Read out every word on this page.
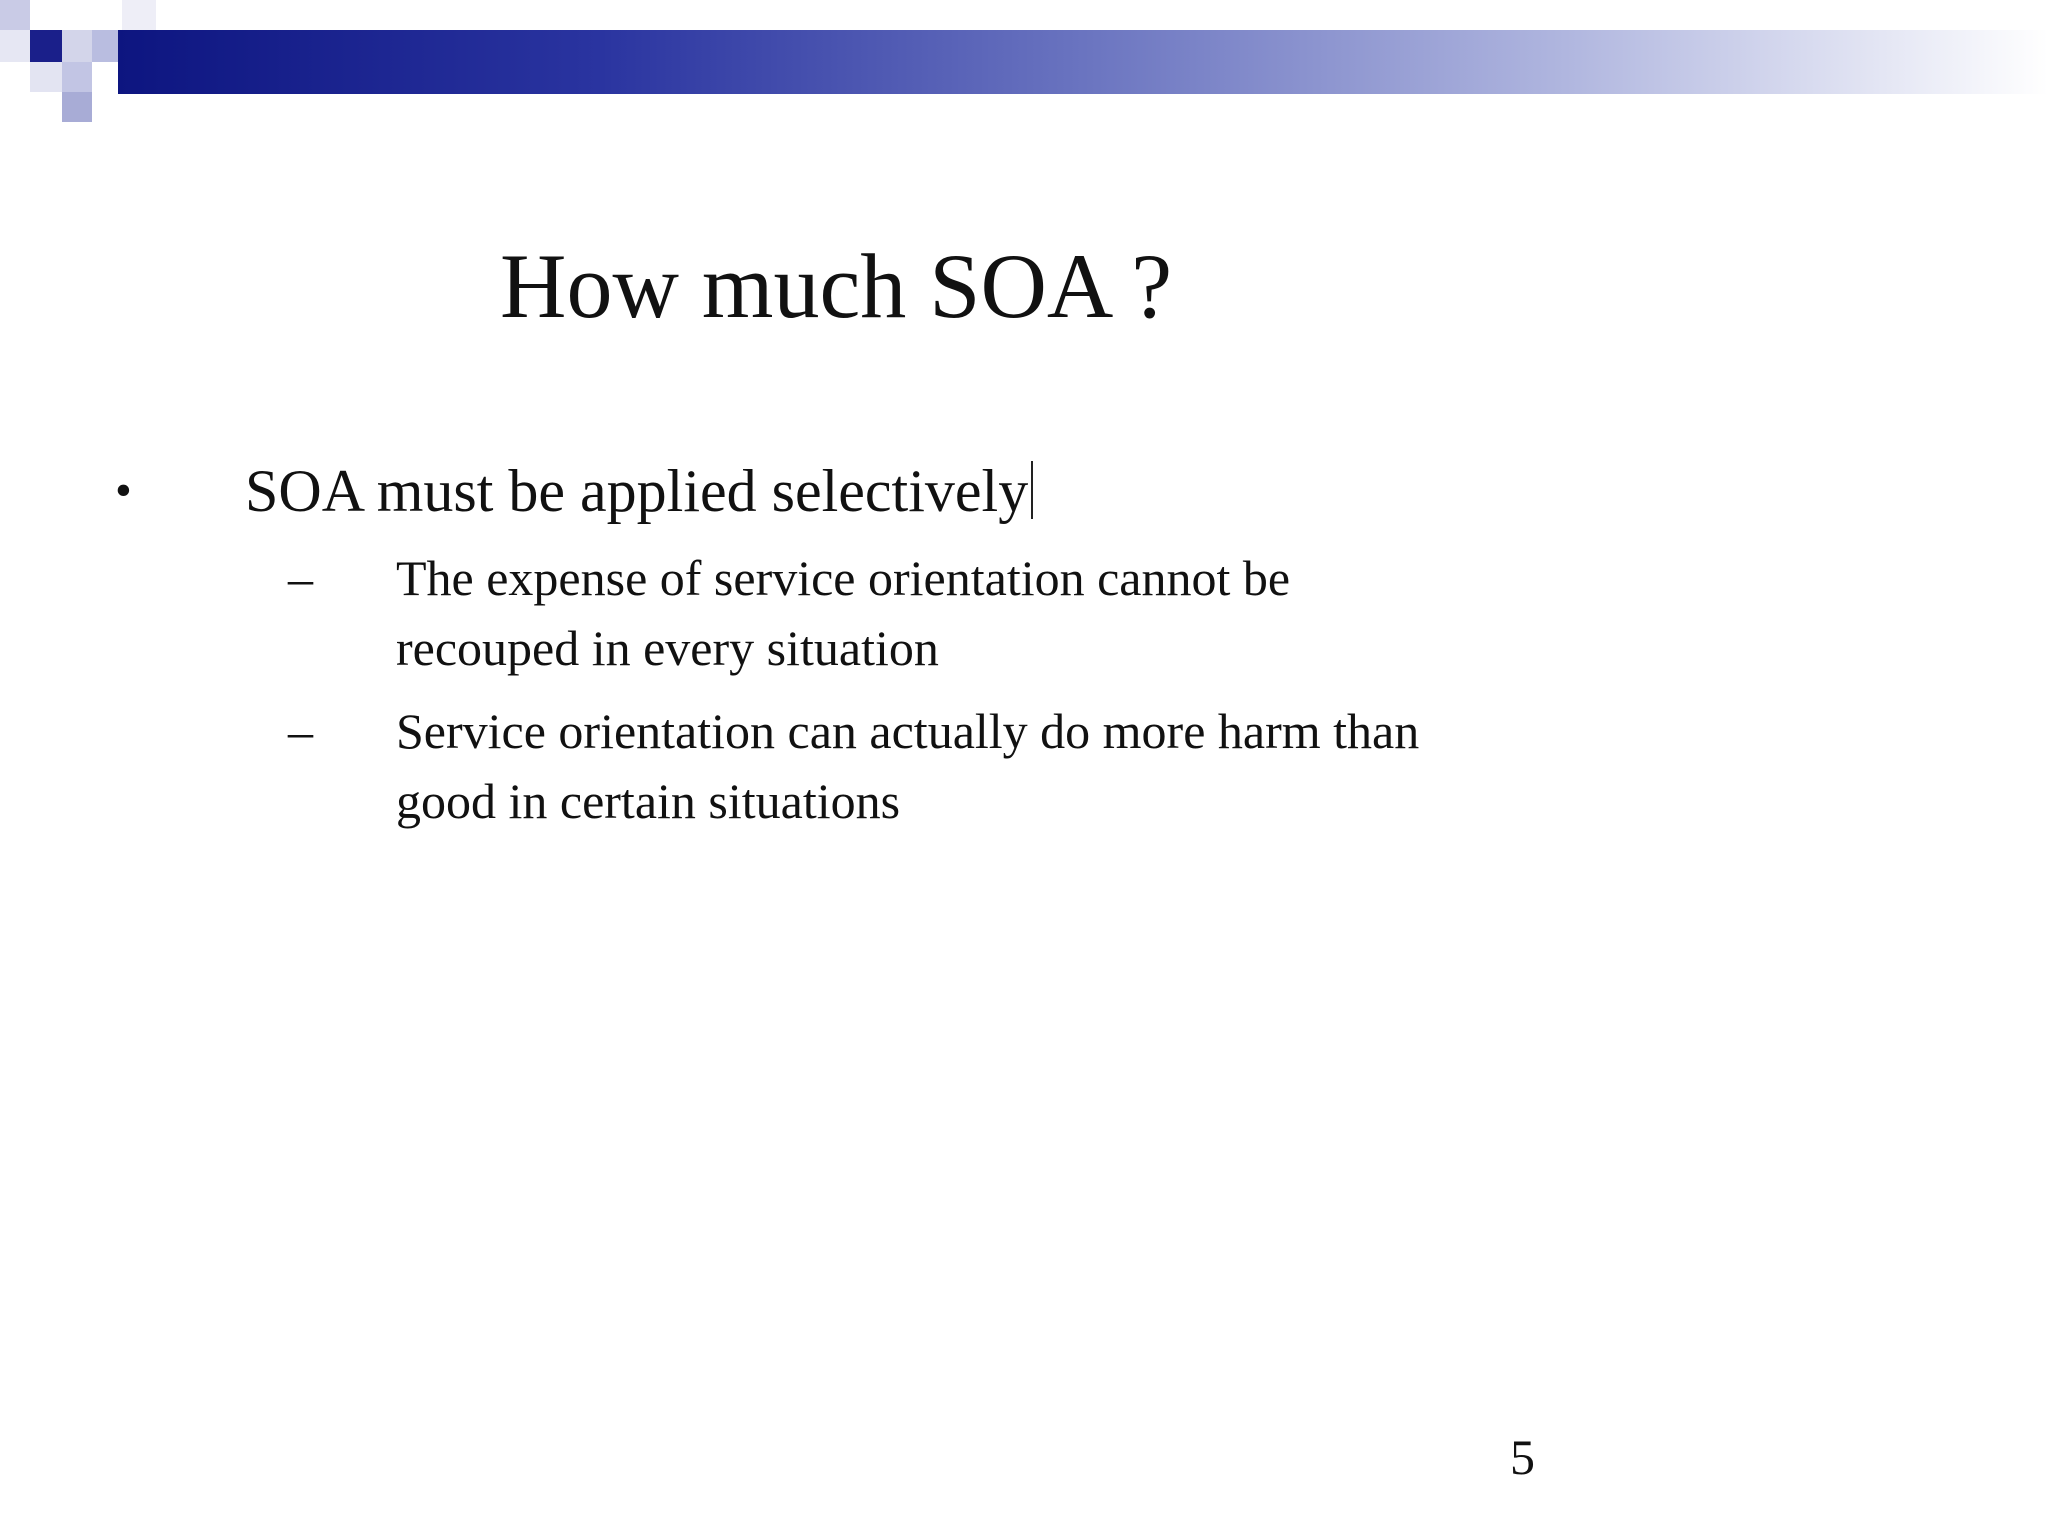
How much SOA ?
• SOA must be applied selectively
– The expense of service orientation cannot be
recouped in every situation
– Service orientation can actually do more harm than
good in certain situations
5
